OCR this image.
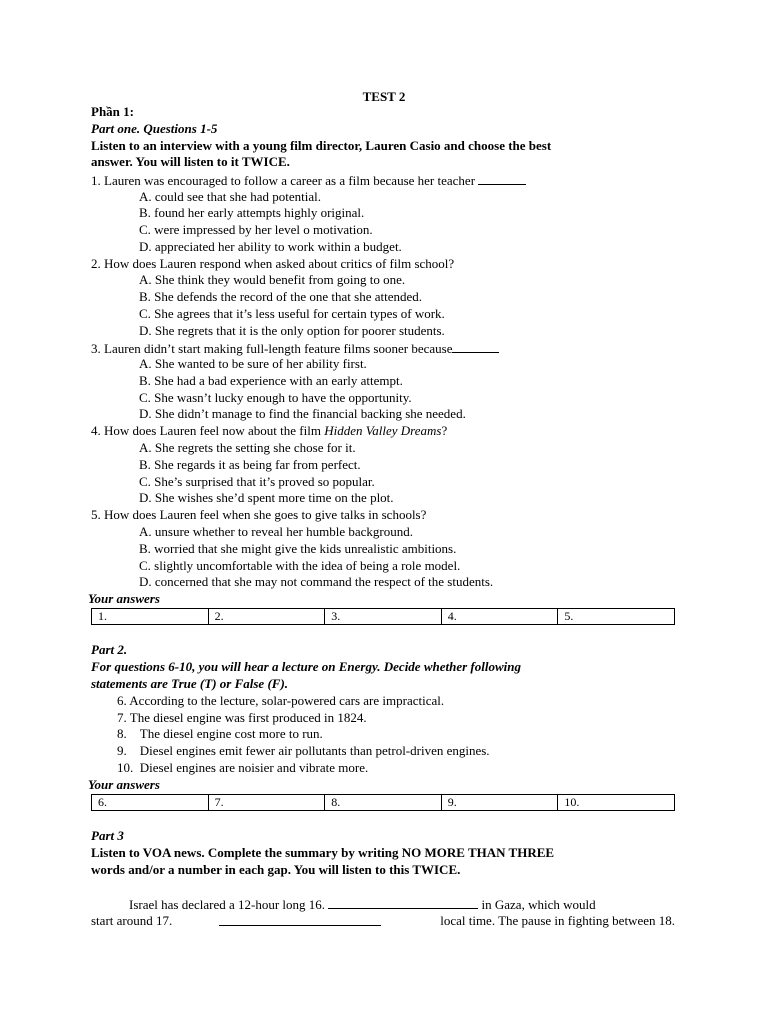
TEST 2
Phần 1:
Part one. Questions 1-5
Listen to an interview with a young film director, Lauren Casio and choose the best
answer. You will listen to it TWICE.
1. Lauren was encouraged to follow a career as a film because her teacher
A. could see that she had potential.
B. found her early attempts highly original.
C. were impressed by her level o motivation.
D. appreciated her ability to work within a budget.
2. How does Lauren respond when asked about critics of film school?
A. She think they would benefit from going to one.
B. She defends the record of the one that she attended.
C. She agrees that it’s less useful for certain types of work.
D. She regrets that it is the only option for poorer students.
3. Lauren didn’t start making full-length feature films sooner because
A. She wanted to be sure of her ability first.
B. She had a bad experience with an early attempt.
C. She wasn’t lucky enough to have the opportunity.
D. She didn’t manage to find the financial backing she needed.
4. How does Lauren feel now about the film Hidden Valley Dreams?
A. She regrets the setting she chose for it.
B. She regards it as being far from perfect.
C. She’s surprised that it’s proved so popular.
D. She wishes she’d spent more time on the plot.
5. How does Lauren feel when she goes to give talks in schools?
A. unsure whether to reveal her humble background.
B. worried that she might give the kids unrealistic ambitions.
C. slightly uncomfortable with the idea of being a role model.
D. concerned that she may not command the respect of the students.
Your answers
1.	2.	3.	4.	5.
Part 2.
For questions 6-10, you will hear a lecture on Energy. Decide whether following
statements are True (T) or False (F).
6. According to the lecture, solar-powered cars are impractical.
7. The diesel engine was first produced in 1824.
8.    The diesel engine cost more to run.
9.    Diesel engines emit fewer air pollutants than petrol-driven engines.
10.  Diesel engines are noisier and vibrate more.
Your answers
6.	7.	8.	9.	10.
Part 3
Listen to VOA news. Complete the summary by writing NO MORE THAN THREE
words and/or a number in each gap. You will listen to this TWICE.
Israel has declared a 12-hour long 16.	in Gaza, which would
start around 17.	local time. The pause in fighting between 18.
